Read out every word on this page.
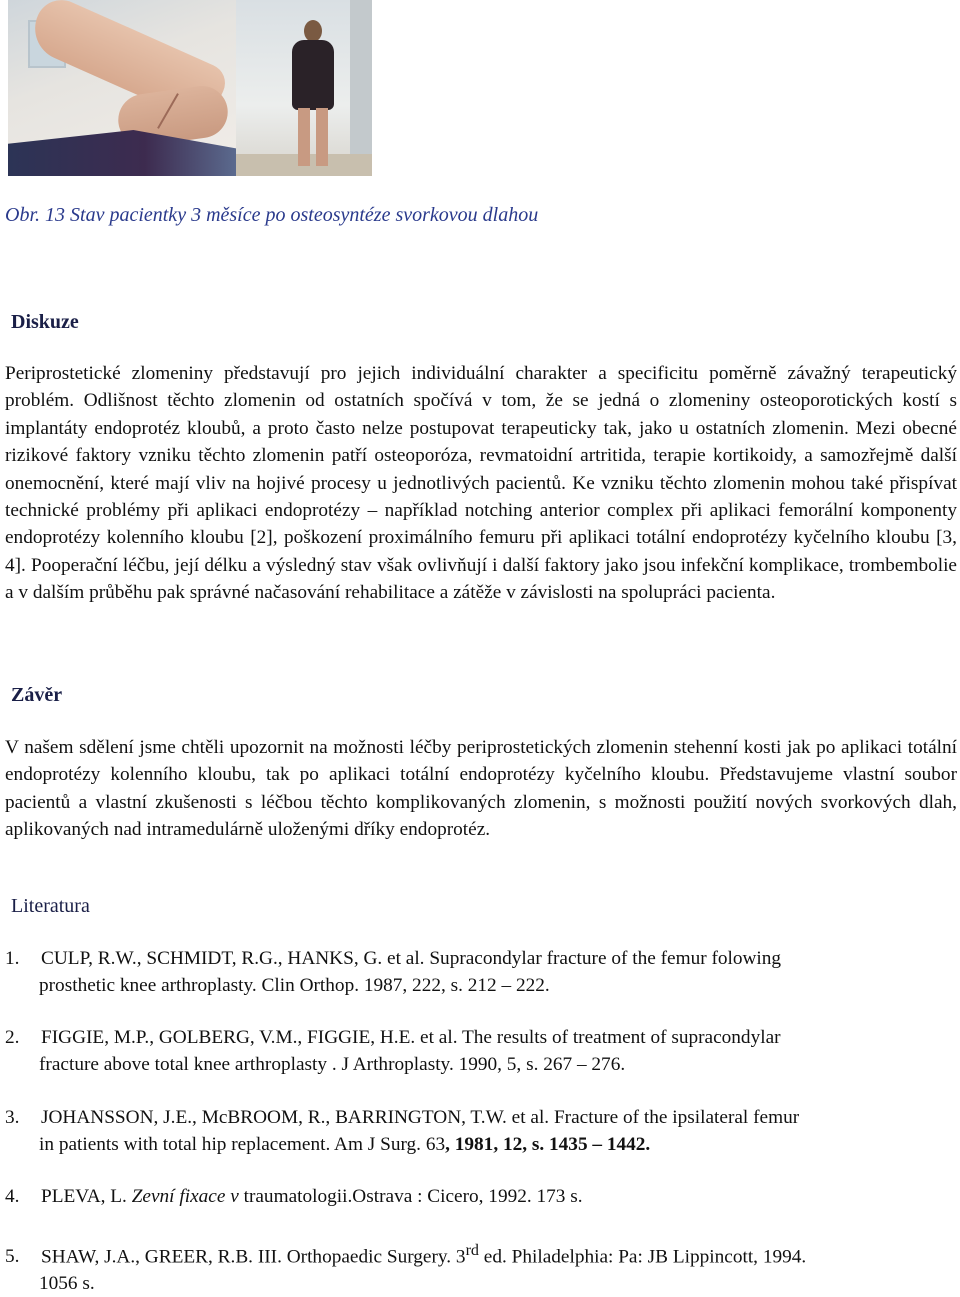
Obr. 13 Stav pacientky 3 měsíce po osteosyntéze svorkovou dlahou
Diskuze

Periprostetické zlomeniny představují pro jejich individuální charakter a specificitu poměrně závažný terapeutický problém. Odlišnost těchto zlomenin od ostatních spočívá v tom, že se jedná o zlomeniny osteoporotických kostí s implantáty endoprotéz kloubů, a proto často nelze postupovat terapeuticky tak, jako u ostatních zlomenin. Mezi obecné rizikové faktory vzniku těchto zlomenin patří osteoporóza, revmatoidní artritida, terapie kortikoidy, a samozřejmě další onemocnění, které mají vliv na hojivé procesy u jednotlivých pacientů. Ke vzniku těchto zlomenin mohou také přispívat technické problémy při aplikaci endoprotézy – například notching anterior complex při aplikaci femorální komponenty endoprotézy kolenního kloubu [2], poškození proximálního femuru při aplikaci totální endoprotézy kyčelního kloubu [3, 4]. Pooperační léčbu, její délku a výsledný stav však ovlivňují i další faktory jako jsou infekční komplikace, trombembolie a v dalším průběhu pak správné načasování rehabilitace a zátěže v závislosti na spolupráci pacienta.

Závěr

V našem sdělení jsme chtěli upozornit na možnosti léčby periprostetických zlomenin stehenní kosti jak po aplikaci totální endoprotézy kolenního kloubu, tak po aplikaci totální endoprotézy kyčelního kloubu. Představujeme vlastní soubor pacientů a vlastní zkušenosti s léčbou těchto komplikovaných zlomenin, s možnosti použití nových svorkových dlah, aplikovaných nad intramedulárně uloženými dříky endoprotéz.

Literatura
1. CULP, R.W., SCHMIDT, R.G., HANKS, G. et al. Supracondylar fracture of the femur folowing
prosthetic knee arthroplasty. Clin Orthop. 1987, 222, s. 212 – 222.
2. FIGGIE, M.P., GOLBERG, V.M., FIGGIE, H.E. et al. The results of treatment of supracondylar
fracture above total knee arthroplasty . J Arthroplasty. 1990, 5, s. 267 – 276.
3. JOHANSSON, J.E., McBROOM, R., BARRINGTON, T.W. et al. Fracture of the ipsilateral femur
in patients with total hip replacement. Am J Surg. 63, 1981, 12, s. 1435 – 1442.
4. PLEVA, L. Zevní fixace v traumatologii.Ostrava : Cicero, 1992. 173 s.
5. SHAW, J.A., GREER, R.B. III. Orthopaedic Surgery. 3rd ed. Philadelphia: Pa: JB Lippincott, 1994.
1056 s.
